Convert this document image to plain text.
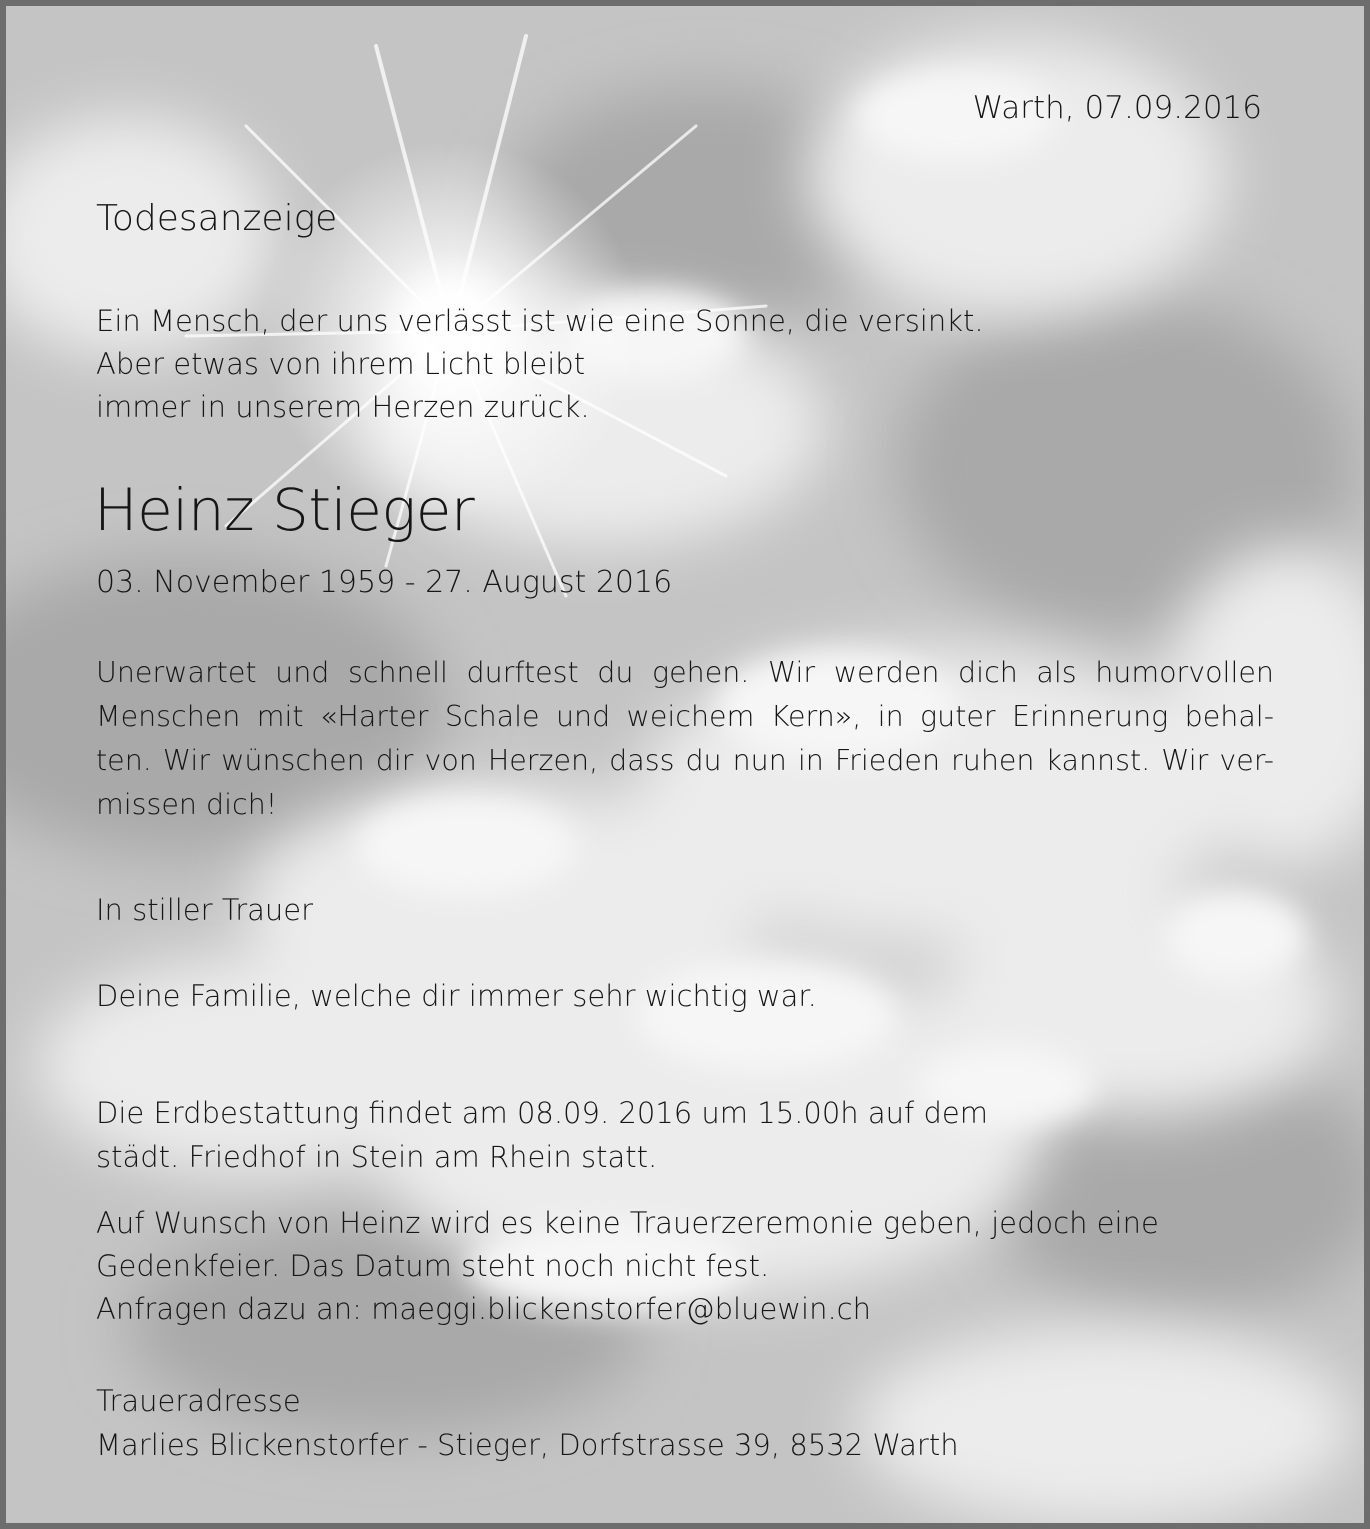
Warth, 07.09.2016
Todesanzeige
Ein Mensch, der uns verlässt ist wie eine Sonne, die versinkt.
Aber etwas von ihrem Licht bleibt
immer in unserem Herzen zurück.
Heinz Stieger
03. November 1959 - 27. August 2016
Unerwartet und schnell durftest du gehen. Wir werden dich als humorvollen
Menschen mit «Harter Schale und weichem Kern», in guter Erinnerung behal-
ten. Wir wünschen dir von Herzen, dass du nun in Frieden ruhen kannst. Wir ver-
missen dich!
In stiller Trauer
Deine Familie, welche dir immer sehr wichtig war.
Die Erdbestattung findet am 08.09. 2016 um 15.00h auf dem
städt. Friedhof in Stein am Rhein statt.
Auf Wunsch von Heinz wird es keine Trauerzeremonie geben, jedoch eine
Gedenkfeier. Das Datum steht noch nicht fest.
Anfragen dazu an: maeggi.blickenstorfer@bluewin.ch
Traueradresse
Marlies Blickenstorfer - Stieger, Dorfstrasse 39, 8532 Warth
